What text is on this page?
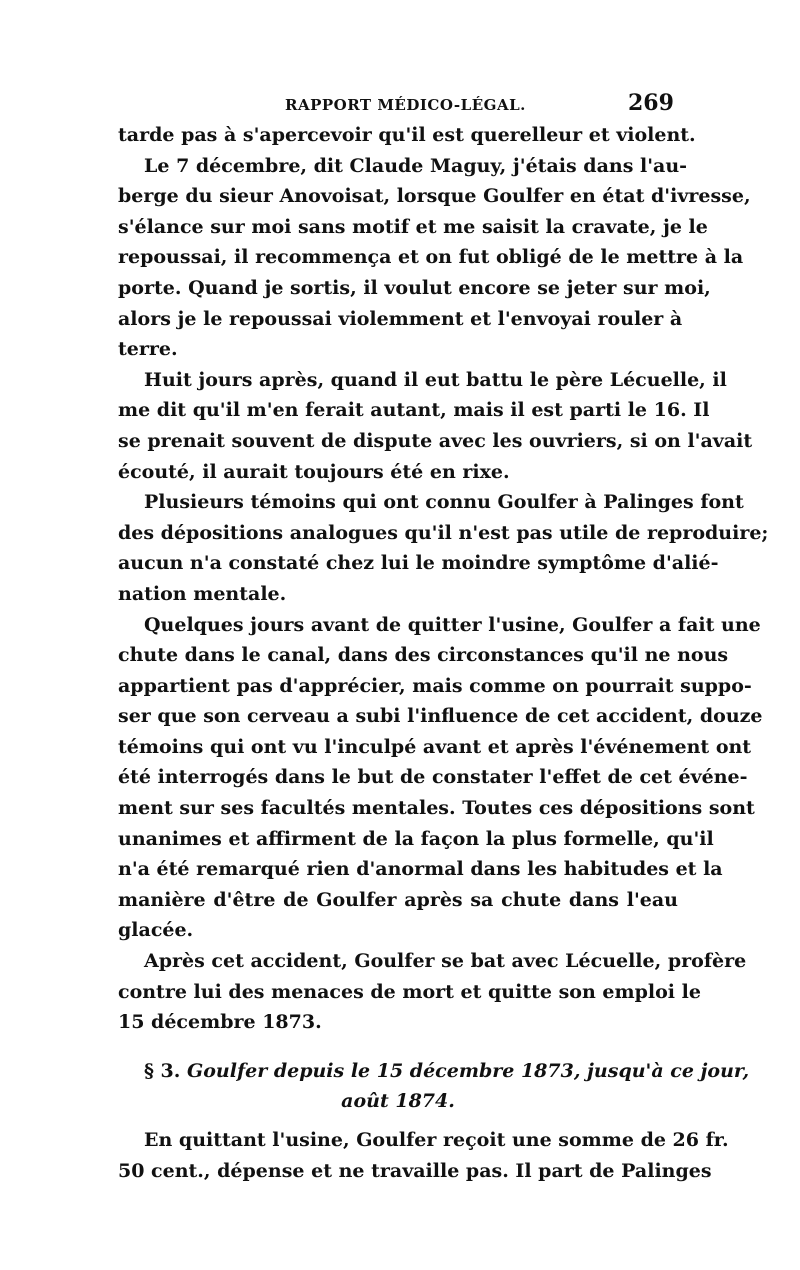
RAPPORT MÉDICO-LÉGAL.	269
tarde pas à s'apercevoir qu'il est querelleur et violent.
Le 7 décembre, dit Claude Maguy, j'étais dans l'au-
berge du sieur Anovoisat, lorsque Goulfer en état d'ivresse,
s'élance sur moi sans motif et me saisit la cravate, je le
repoussai, il recommença et on fut obligé de le mettre à la
porte. Quand je sortis, il voulut encore se jeter sur moi,
alors je le repoussai violemment et l'envoyai rouler à
terre.
Huit jours après, quand il eut battu le père Lécuelle, il
me dit qu'il m'en ferait autant, mais il est parti le 16. Il
se prenait souvent de dispute avec les ouvriers, si on l'avait
écouté, il aurait toujours été en rixe.
Plusieurs témoins qui ont connu Goulfer à Palinges font
des dépositions analogues qu'il n'est pas utile de reproduire;
aucun n'a constaté chez lui le moindre symptôme d'alié-
nation mentale.
Quelques jours avant de quitter l'usine, Goulfer a fait une
chute dans le canal, dans des circonstances qu'il ne nous
appartient pas d'apprécier, mais comme on pourrait suppo-
ser que son cerveau a subi l'influence de cet accident, douze
témoins qui ont vu l'inculpé avant et après l'événement ont
été interrogés dans le but de constater l'effet de cet événe-
ment sur ses facultés mentales. Toutes ces dépositions sont
unanimes et affirment de la façon la plus formelle, qu'il
n'a été remarqué rien d'anormal dans les habitudes et la
manière d'être de Goulfer après sa chute dans l'eau
glacée.
Après cet accident, Goulfer se bat avec Lécuelle, profère
contre lui des menaces de mort et quitte son emploi le
15 décembre 1873.
§ 3. Goulfer depuis le 15 décembre 1873, jusqu'à ce jour,
août 1874.
En quittant l'usine, Goulfer reçoit une somme de 26 fr.
50 cent., dépense et ne travaille pas. Il part de Palinges
